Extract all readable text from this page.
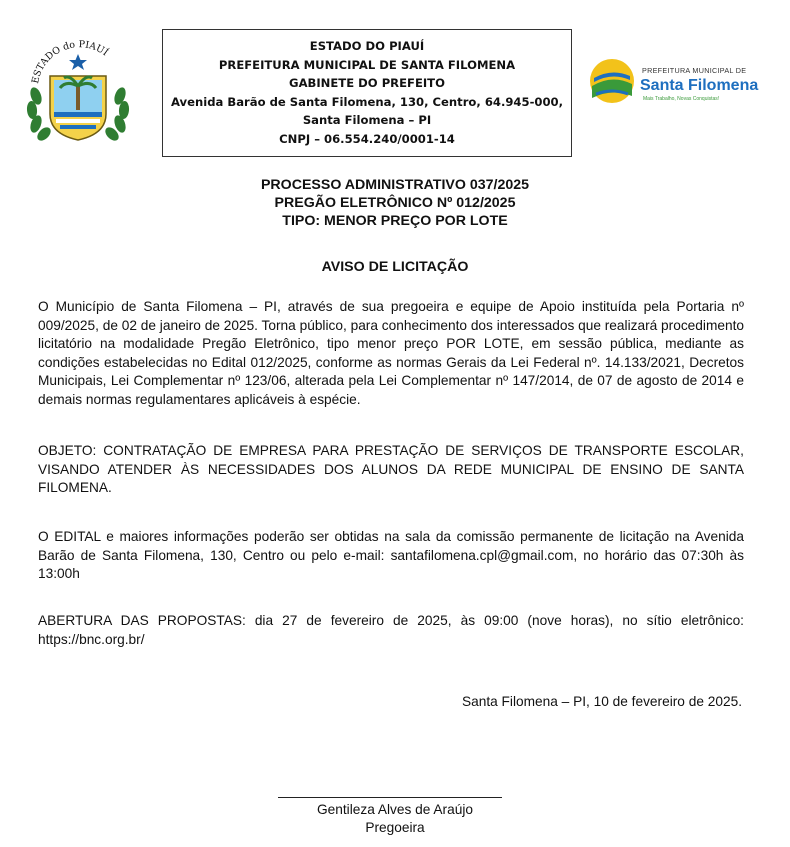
ESTADO do PIAUÍ	ESTADO DO PIAUÍ
PREFEITURA MUNICIPAL DE SANTA FILOMENA
GABINETE DO PREFEITO
Avenida Barão de Santa Filomena, 130, Centro, 64.945-000,
Santa Filomena – PI
CNPJ – 06.554.240/0001-14
PREFEITURA MUNICIPAL DE
Santa Filomena
Mais Trabalho, Novas Conquistas!
PROCESSO ADMINISTRATIVO 037/2025
PREGÃO ELETRÔNICO Nº 012/2025
TIPO: MENOR PREÇO POR LOTE
AVISO DE LICITAÇÃO
O Município de Santa Filomena – PI, através de sua pregoeira e equipe de Apoio instituída pela Portaria nº 009/2025, de 02 de janeiro de 2025. Torna público, para conhecimento dos interessados que realizará procedimento licitatório na modalidade Pregão Eletrônico, tipo menor preço POR LOTE, em sessão pública, mediante as condições estabelecidas no Edital 012/2025, conforme as normas Gerais da Lei Federal nº. 14.133/2021, Decretos Municipais, Lei Complementar nº 123/06, alterada pela Lei Complementar nº 147/2014, de 07 de agosto de 2014 e demais normas regulamentares aplicáveis à espécie.
OBJETO: CONTRATAÇÃO DE EMPRESA PARA PRESTAÇÃO DE SERVIÇOS DE TRANSPORTE ESCOLAR, VISANDO ATENDER ÀS NECESSIDADES DOS ALUNOS DA REDE MUNICIPAL DE ENSINO DE SANTA FILOMENA.
O EDITAL e maiores informações poderão ser obtidas na sala da comissão permanente de licitação na Avenida Barão de Santa Filomena, 130, Centro ou pelo e-mail: santafilomena.cpl@gmail.com, no horário das 07:30h às 13:00h
ABERTURA DAS PROPOSTAS: dia 27 de fevereiro de 2025, às 09:00 (nove horas), no sítio eletrônico: https://bnc.org.br/
Santa Filomena – PI, 10 de fevereiro de 2025.
Gentileza Alves de Araújo
Pregoeira
